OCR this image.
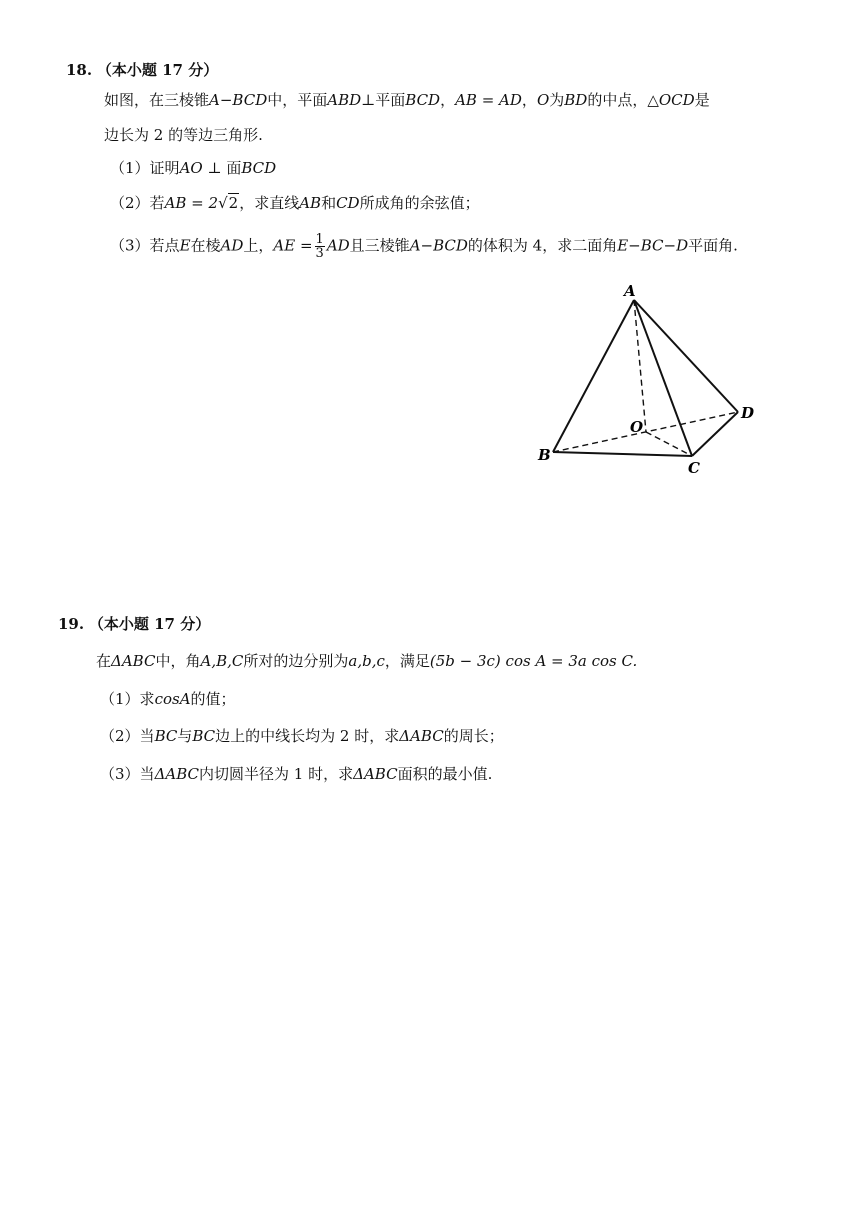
18. （本小题 17 分）
如图，在三棱锥A−BCD中，平面ABD⊥平面BCD，AB = AD，O为BD的中点，△OCD是
边长为 2 的等边三角形.
（1）证明AO ⊥ 面BCD
（2）若AB = 2√2，求直线AB和CD所成角的余弦值；
（3）若点E在棱AD上，AE = $\frac{1}{3}$ AD且三棱锥A−BCD的体积为 4，求二面角E−BC−D平面角.
A
B
C
D
O
19. （本小题 17 分）
在ΔABC中，角A,B,C所对的边分别为a,b,c，满足(5b − 3c) cos A = 3a cos C.
（1）求cosA的值；
（2）当BC与BC边上的中线长均为 2 时，求ΔABC的周长；
（3）当ΔABC内切圆半径为 1 时，求ΔABC面积的最小值.
